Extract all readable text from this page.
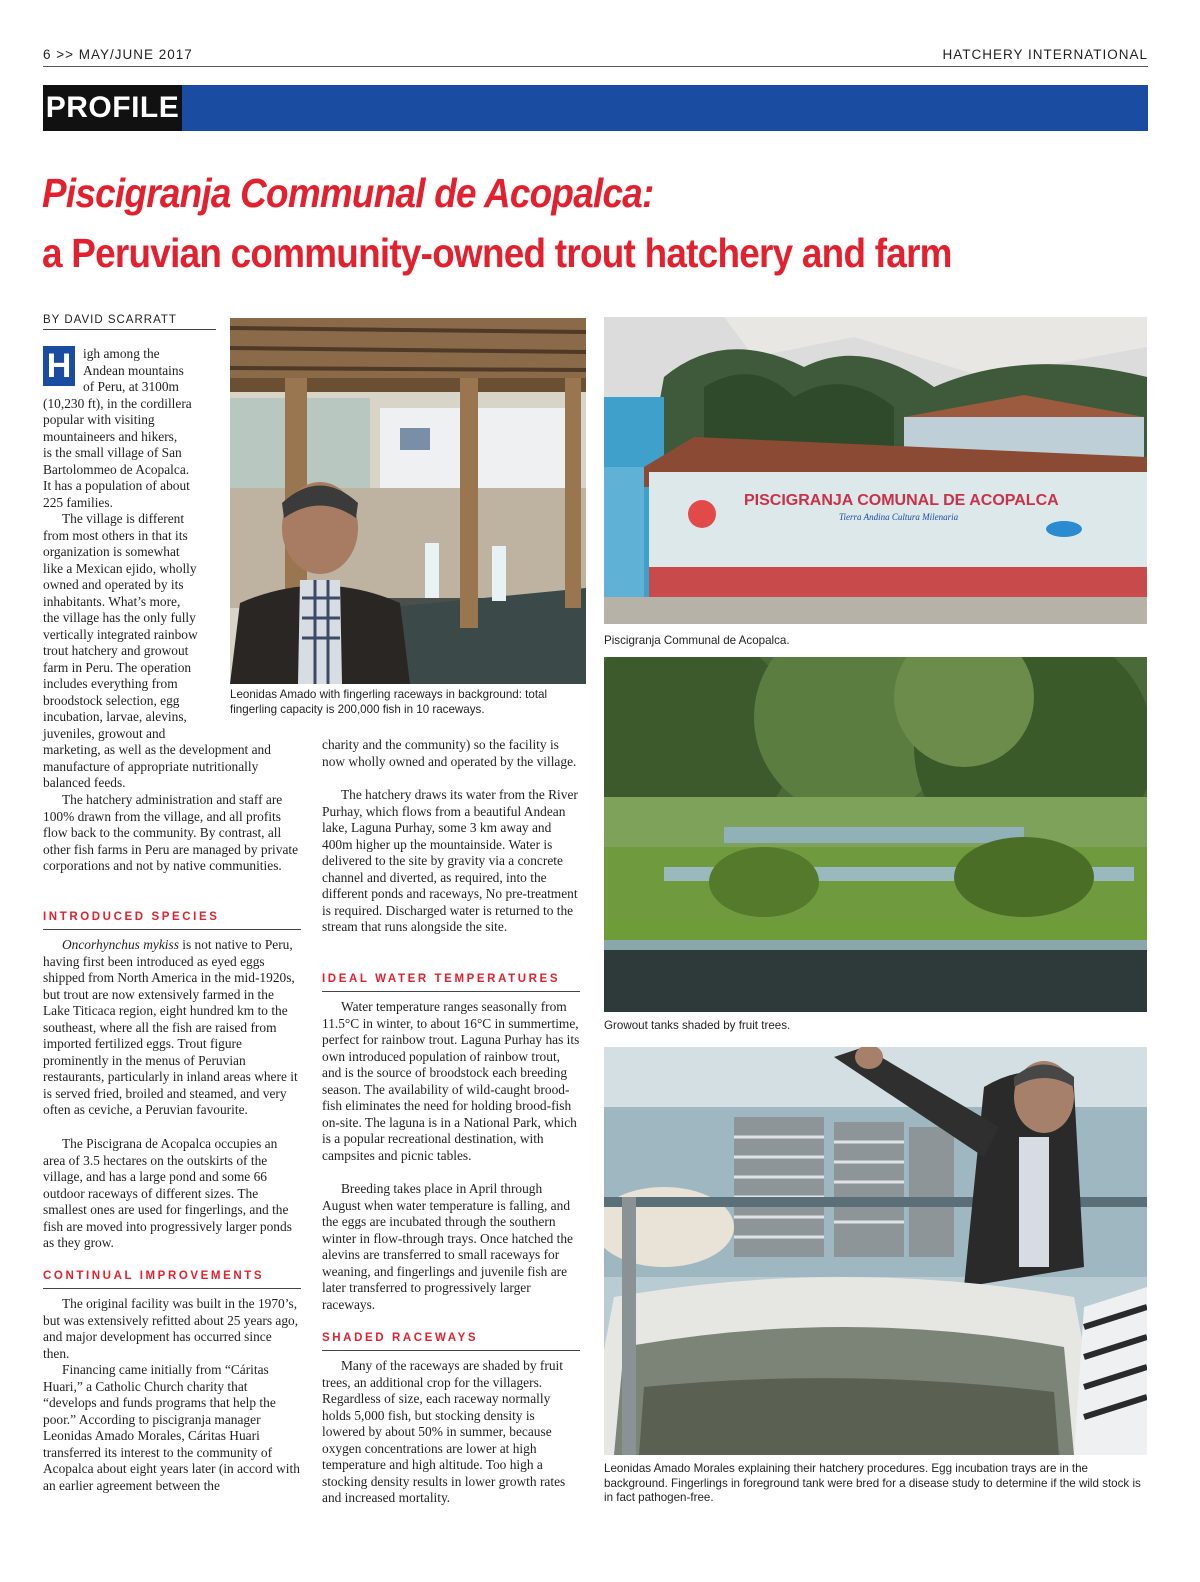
6 >> MAY/JUNE 2017	HATCHERY INTERNATIONAL
PROFILE
Piscigranja Communal de Acopalca:
a Peruvian community-owned trout hatchery and farm
BY DAVID SCARRATT
H igh among the
Andean mountains
of Peru, at 3100m
(10,230 ft), in the cordillera
popular with visiting
mountaineers and hikers,
is the small village of San
Bartolommeo de Acopalca.
It has a population of about
225 families.
The village is different
from most others in that its
organization is somewhat
like a Mexican ejido, wholly
owned and operated by its
inhabitants. What’s more,
the village has the only fully
vertically integrated rainbow
trout hatchery and growout
farm in Peru. The operation
includes everything from
broodstock selection, egg
incubation, larvae, alevins,
juveniles, growout and
marketing, as well as the development and manufacture of appropriate nutritionally balanced feeds.
The hatchery administration and staff are 100% drawn from the village, and all profits flow back to the community. By contrast, all other fish farms in Peru are managed by private corporations and not by native communities.
INTRODUCED SPECIES
Oncorhynchus mykiss is not native to Peru, having first been introduced as eyed eggs shipped from North America in the mid-1920s, but trout are now extensively farmed in the Lake Titicaca region, eight hundred km to the southeast, where all the fish are raised from imported fertilized eggs. Trout figure prominently in the menus of Peruvian restaurants, particularly in inland areas where it is served fried, broiled and steamed, and very often as ceviche, a Peruvian favourite.
The Piscigrana de Acopalca occupies an area of 3.5 hectares on the outskirts of the village, and has a large pond and some 66 outdoor raceways of different sizes. The smallest ones are used for fingerlings, and the fish are moved into progressively larger ponds as they grow.
CONTINUAL IMPROVEMENTS
The original facility was built in the 1970’s, but was extensively refitted about 25 years ago, and major development has occurred since then.
Financing came initially from “Cáritas Huari,” a Catholic Church charity that “develops and funds programs that help the poor.” According to piscigranja manager Leonidas Amado Morales, Cáritas Huari transferred its interest to the community of Acopalca about eight years later (in accord with an earlier agreement between the
charity and the community) so the facility is now wholly owned and operated by the village.
The hatchery draws its water from the River Purhay, which flows from a beautiful Andean lake, Laguna Purhay, some 3 km away and 400m higher up the mountainside. Water is delivered to the site by gravity via a concrete channel and diverted, as required, into the different ponds and raceways, No pre-treatment is required. Discharged water is returned to the stream that runs alongside the site.
IDEAL WATER TEMPERATURES
Water temperature ranges seasonally from 11.5°C in winter, to about 16°C in summertime, perfect for rainbow trout. Laguna Purhay has its own introduced population of rainbow trout, and is the source of broodstock each breeding season. The availability of wild-caught brood-fish eliminates the need for holding brood-fish on-site. The laguna is in a National Park, which is a popular recreational destination, with campsites and picnic tables.
Breeding takes place in April through August when water temperature is falling, and the eggs are incubated through the southern winter in flow-through trays. Once hatched the alevins are transferred to small raceways for weaning, and fingerlings and juvenile fish are later transferred to progressively larger raceways.
SHADED RACEWAYS
Many of the raceways are shaded by fruit trees, an additional crop for the villagers. Regardless of size, each raceway normally holds 5,000 fish, but stocking density is lowered by about 50% in summer, because oxygen concentrations are lower at high temperature and high altitude. Too high a stocking density results in lower growth rates and increased mortality.
Leonidas Amado with fingerling raceways in background: total fingerling capacity is 200,000 fish in 10 raceways.
PISCIGRANJA COMUNAL DE ACOPALCA
Tierra Andina Cultura Milenaria
Piscigranja Communal de Acopalca.
Growout tanks shaded by fruit trees.
Leonidas Amado Morales explaining their hatchery procedures. Egg incubation trays are in the background. Fingerlings in foreground tank were bred for a disease study to determine if the wild stock is in fact pathogen-free.
